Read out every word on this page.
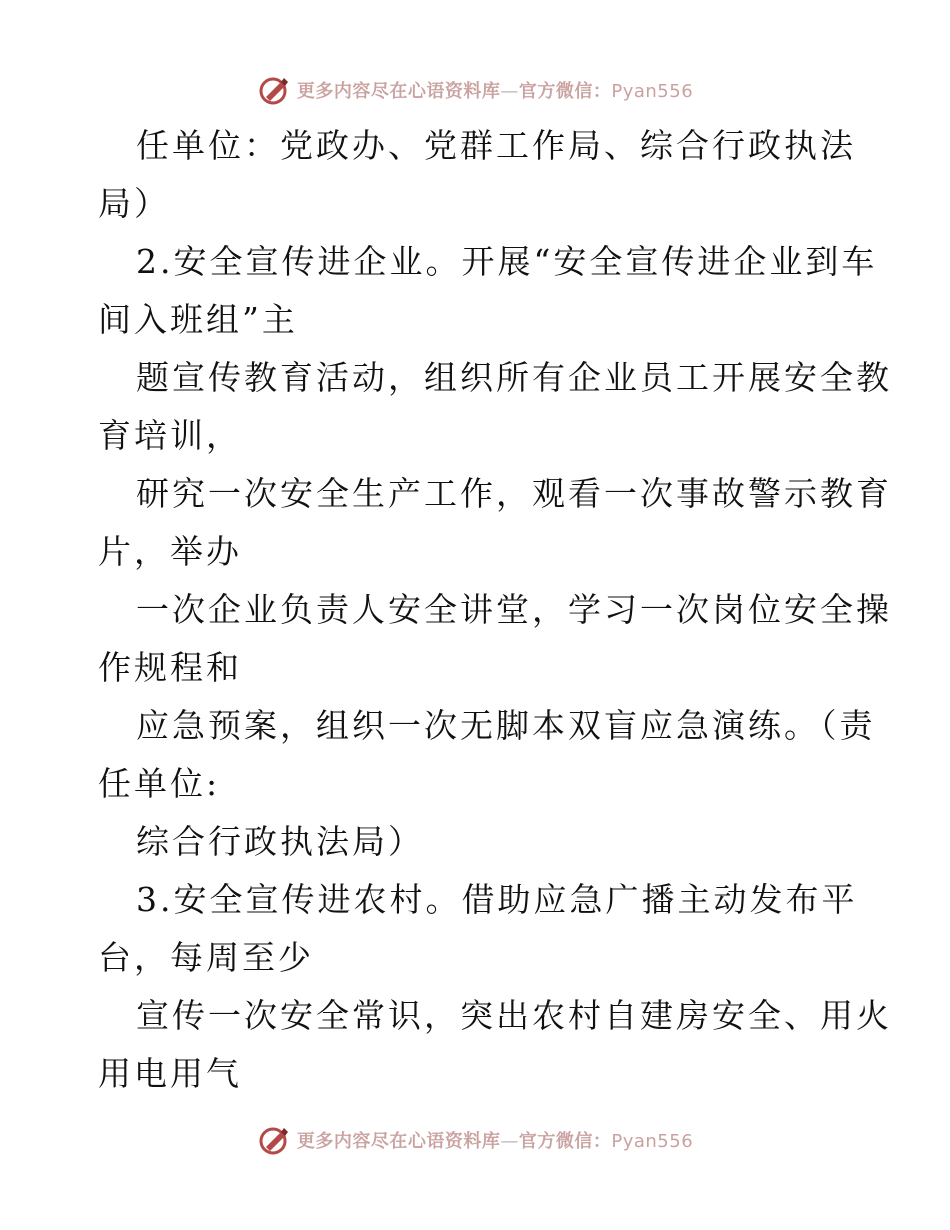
更多内容尽在心语资料库—官方微信：Pyan556
任单位：党政办、党群工作局、综合行政执法
局）
2.安全宣传进企业。开展“安全宣传进企业到车
间入班组”主
题宣传教育活动，组织所有企业员工开展安全教
育培训，
研究一次安全生产工作，观看一次事故警示教育
片，举办
一次企业负责人安全讲堂，学习一次岗位安全操
作规程和
应急预案，组织一次无脚本双盲应急演练。（责
任单位:
综合行政执法局）
3.安全宣传进农村。借助应急广播主动发布平
台，每周至少
宣传一次安全常识，突出农村自建房安全、用火
用电用气
更多内容尽在心语资料库—官方微信：Pyan556
